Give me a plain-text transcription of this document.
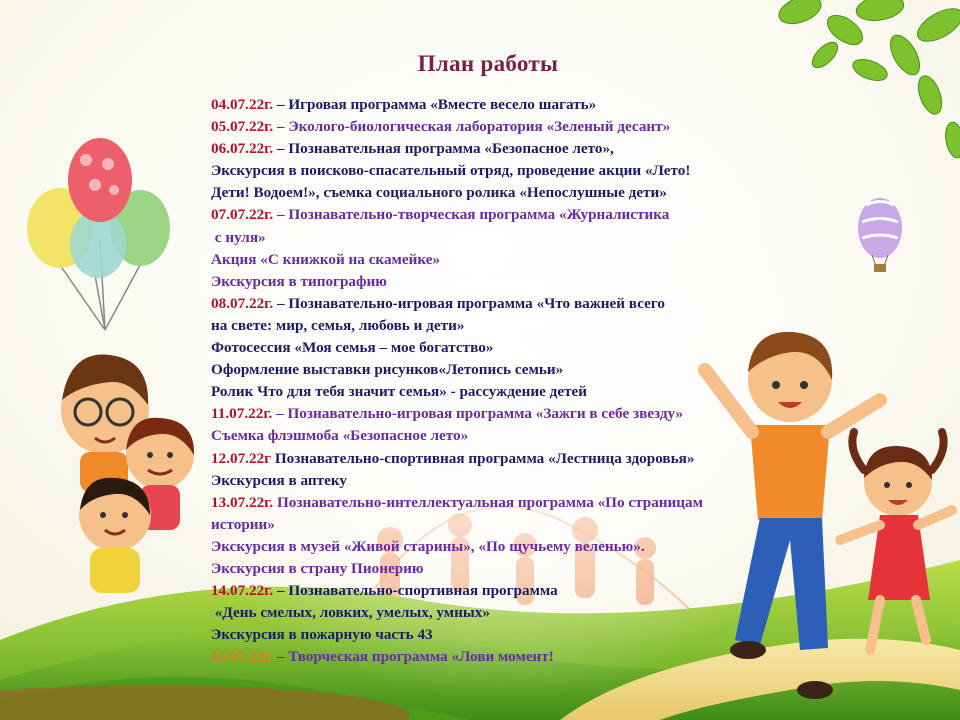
План работы
04.07.22г. – Игровая программа «Вместе весело шагать»
05.07.22г. – Эколого-биологическая лаборатория «Зеленый десант»
06.07.22г. – Познавательная программа «Безопасное лето»,
Экскурсия в поисково-спасательный отряд, проведение акции «Лето!
Дети! Водоем!», съемка социального ролика «Непослушные дети»
07.07.22г. – Познавательно-творческая программа «Журналистика
с нуля»
Акция «С книжкой на скамейке»
Экскурсия в типографию
08.07.22г. – Познавательно-игровая программа «Что важней всего
на свете: мир, семья, любовь и дети»
Фотосессия «Моя семья – мое богатство»
Оформление выставки рисунков«Летопись семьи»
Ролик Что для тебя значит семья» - рассуждение детей
11.07.22г. – Познавательно-игровая программа «Зажги в себе звезду»
Съемка флэшмоба «Безопасное лето»
12.07.22г Познавательно-спортивная программа «Лестница здоровья»
Экскурсия в аптеку
13.07.22г. Познавательно-интеллектуальная программа «По страницам
истории»
Экскурсия в музей «Живой старины», «По щучьему веленью».
Экскурсия в страну Пионерию
14.07.22г. – Познавательно-спортивная программа
«День смелых, ловких, умелых, умных»
Экскурсия в пожарную часть 43
15.07.22г. – Творческая программа «Лови момент!
